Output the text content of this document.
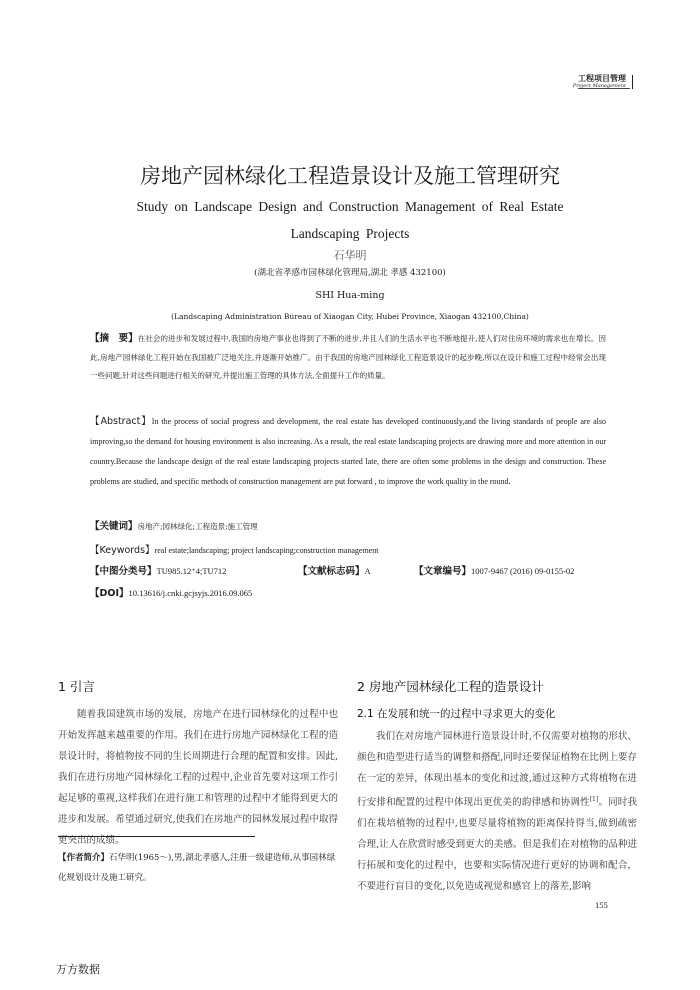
工程项目管理
Project Management
房地产园林绿化工程造景设计及施工管理研究
Study on Landscape Design and Construction Management of Real Estate Landscaping Projects
石华明
(湖北省孝感市园林绿化管理局,湖北 孝感 432100)
SHI Hua-ming
(Landscaping Administration Bureau of Xiaogan City, Hubei Province, Xiaogan 432100,China)
【摘　要】在社会的进步和发展过程中,我国的房地产事业也得到了不断的进步,并且人们的生活水平也不断地提升,使人们对住房环境的需求也在增长。因此,房地产园林绿化工程开始在我国被广泛地关注,并逐渐开始推广。由于我国的房地产园林绿化工程造景设计的起步晚,所以在设计和施工过程中经常会出现一些问题,针对这些问题进行相关的研究,并提出施工管理的具体方法,全面提升工作的质量。
【Abstract】In the process of social progress and development, the real estate has developed continuously,and the living standards of people are also improving,so the demand for housing environment is also increasing. As a result, the real estate landscaping projects are drawing more and more attention in our country.Because the landscape design of the real estate landscaping projects started late, there are often some problems in the design and construction. These problems are studied, and specific methods of construction management are put forward , to improve the work quality in the round.
【关键词】房地产;园林绿化;工程造景;施工管理
【Keywords】real estate;landscaping; project landscaping;construction management
【中图分类号】TU985.12⁺4;TU712	【文献标志码】A	【文章编号】1007-9467 (2016) 09-0155-02
【DOI】10.13616/j.cnki.gcjsyjs.2016.09.065
1 引言

随着我国建筑市场的发展，房地产在进行园林绿化的过程中也开始发挥越来越重要的作用。我们在进行房地产园林绿化工程的造景设计时，将植物按不同的生长周期进行合理的配置和安排。因此,我们在进行房地产园林绿化工程的过程中,企业首先要对这项工作引起足够的重视,这样我们在进行施工和管理的过程中才能得到更大的进步和发展。希望通过研究,使我们在房地产的园林发展过程中取得更突出的成绩。

2 房地产园林绿化工程的造景设计
2.1 在发展和统一的过程中寻求更大的变化

我们在对房地产园林进行造景设计时,不仅需要对植物的形状、颜色和造型进行适当的调整和搭配,同时还要保证植物在比例上要存在一定的差异，体现出基本的变化和过渡,通过这种方式将植物在进行安排和配置的过程中体现出更优美的韵律感和协调性[1]。同时我们在栽培植物的过程中,也要尽量将植物的距离保持得当,做到疏密合理,让人在欣赏时感受到更大的美感。但是我们在对植物的品种进行拓展和变化的过程中，也要和实际情况进行更好的协调和配合，不要进行盲目的变化,以免造成视觉和感官上的落差,影响

【作者简介】石华明(1965～),男,湖北孝感人,注册一级建造师,从事园林绿化规划设计及施工研究。
155
万方数据
